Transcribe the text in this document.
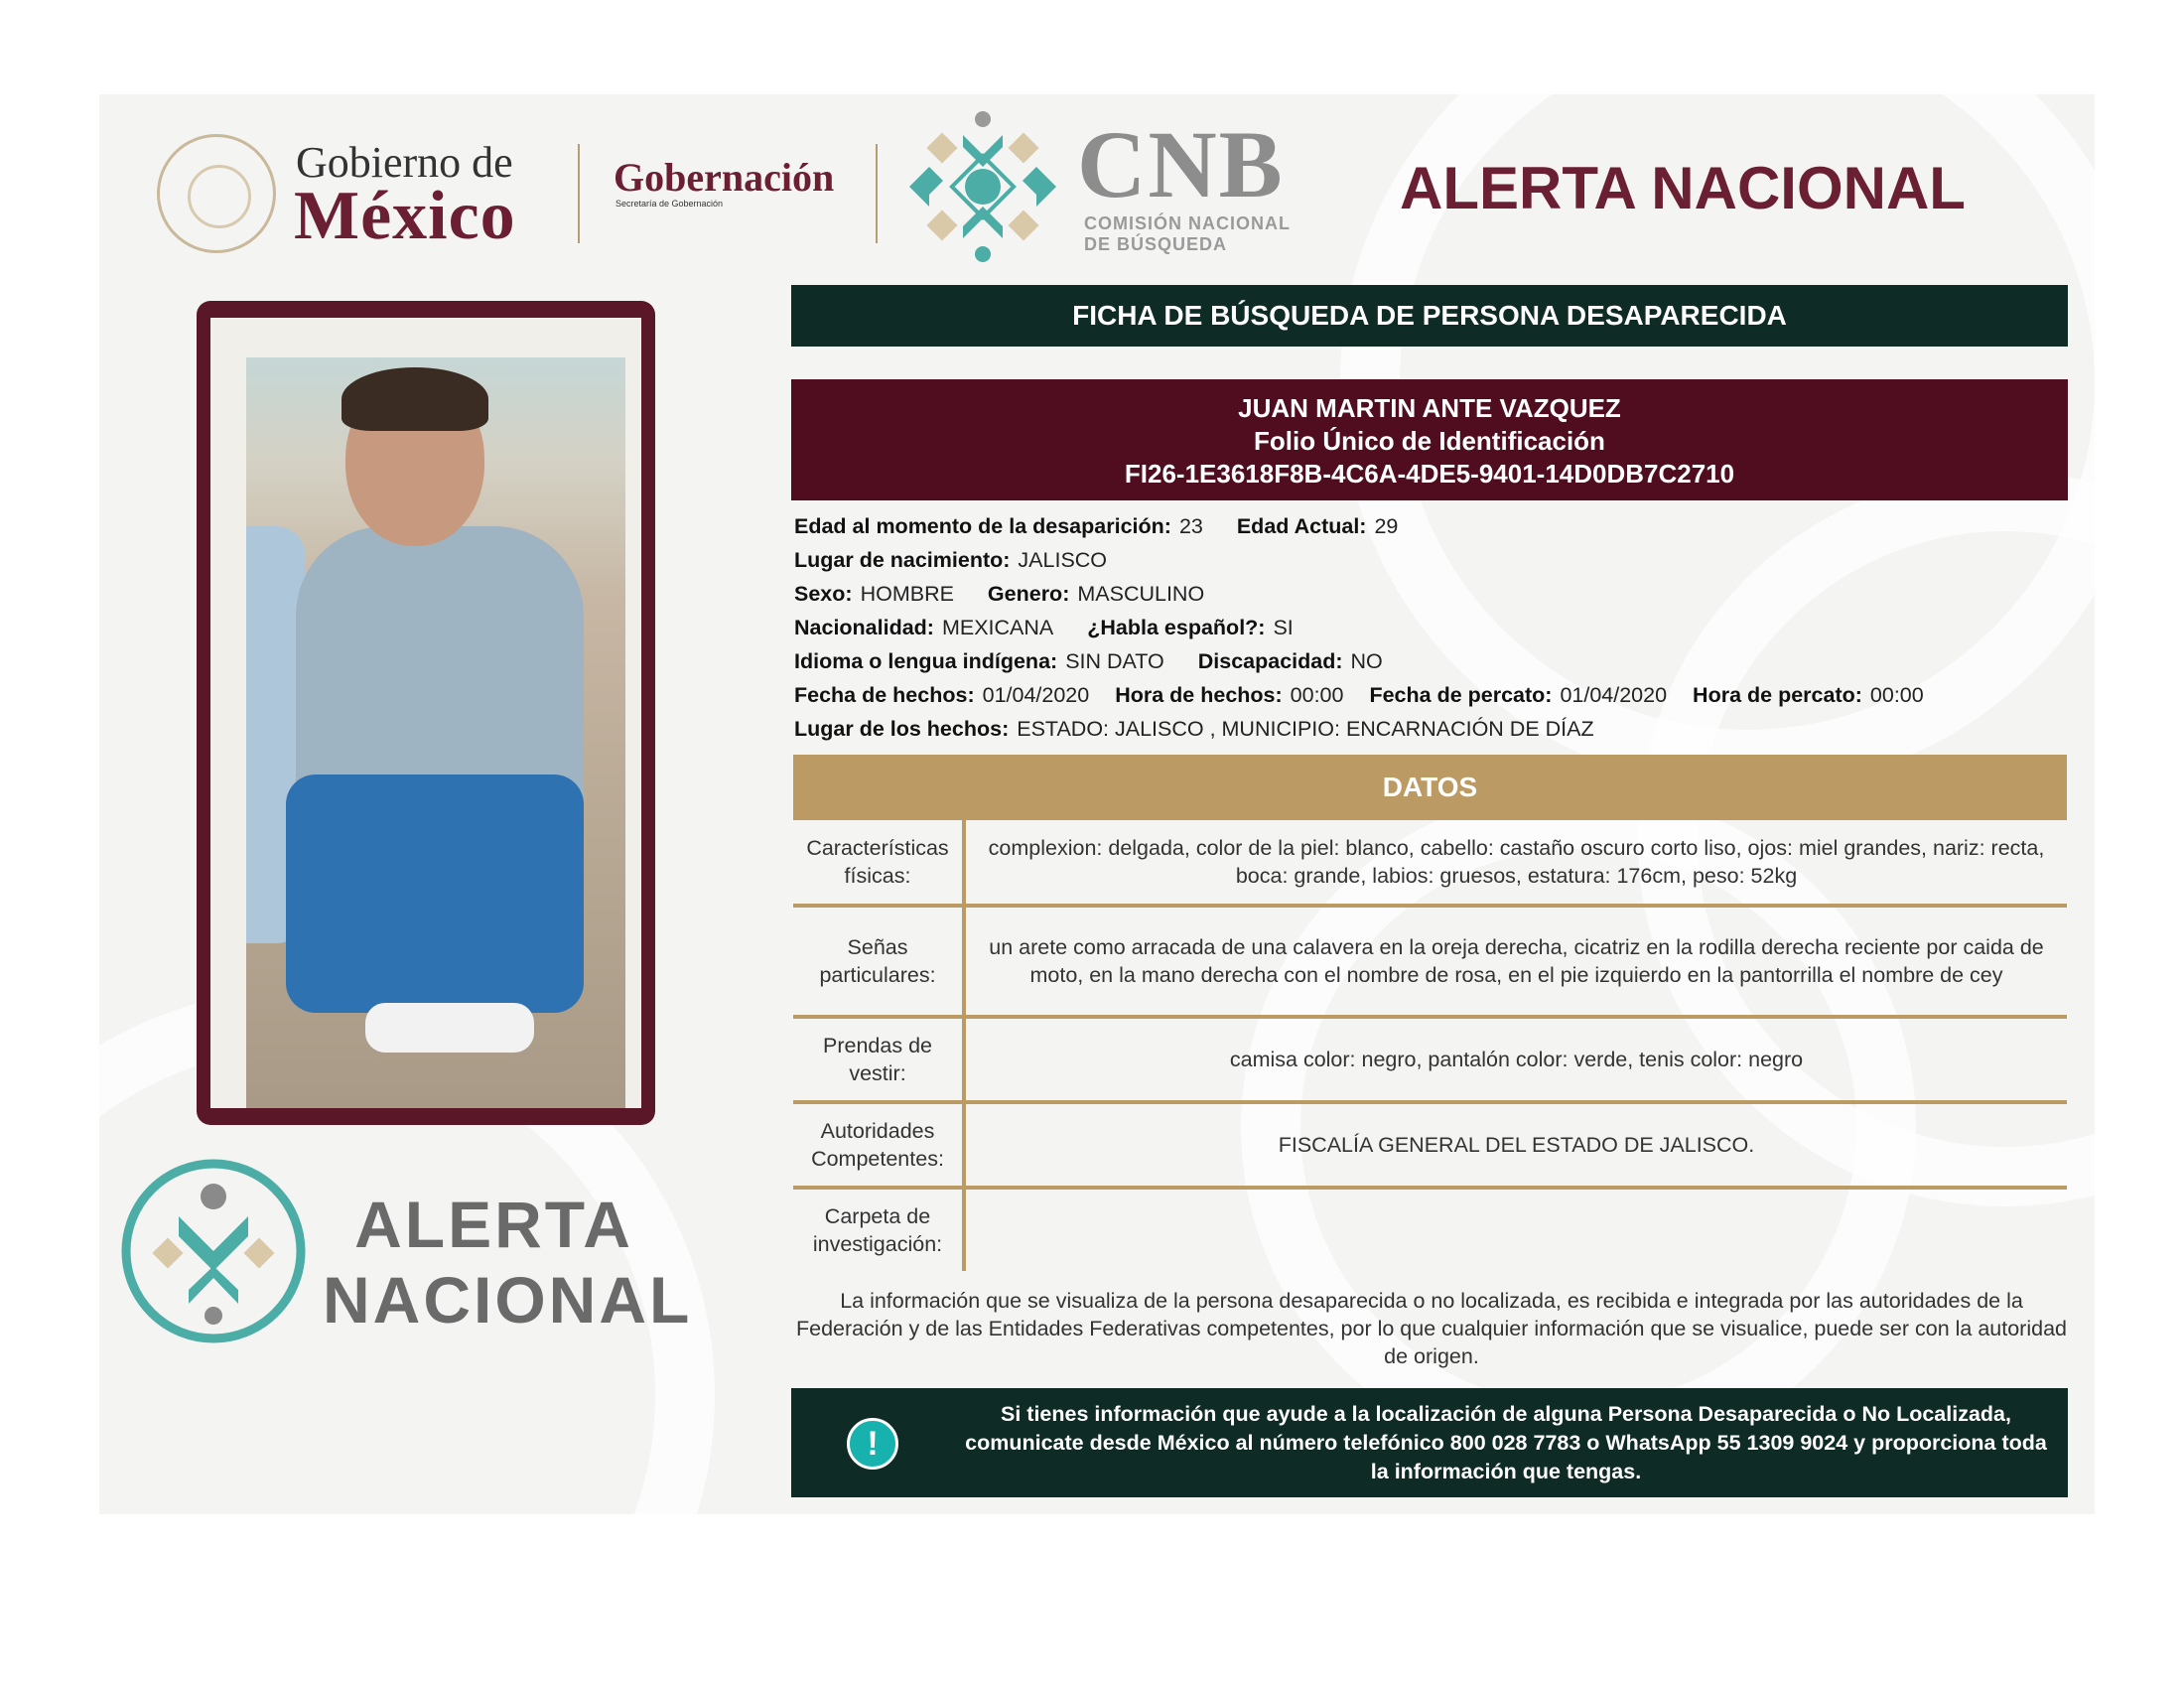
Gobierno de
México
Gobernación
Secretaría de Gobernación	CNB
COMISIÓN NACIONAL
DE BÚSQUEDA
ALERTA NACIONAL
ALERTA
NACIONAL
FICHA DE BÚSQUEDA DE PERSONA DESAPARECIDA
JUAN MARTIN ANTE VAZQUEZ
Folio Único de Identificación
FI26-1E3618F8B-4C6A-4DE5-9401-14D0DB7C2710
Edad al momento de la desaparición: 23 Edad Actual: 29
Lugar de nacimiento: JALISCO
Sexo: HOMBRE Genero: MASCULINO
Nacionalidad: MEXICANA ¿Habla español?: SI
Idioma o lengua indígena: SIN DATO Discapacidad: NO
Fecha de hechos: 01/04/2020 Hora de hechos: 00:00 Fecha de percato: 01/04/2020 Hora de percato: 00:00
Lugar de los hechos: ESTADO: JALISCO , MUNICIPIO: ENCARNACIÓN DE DÍAZ
DATOS
Características físicas:
complexion: delgada, color de la piel: blanco, cabello: castaño oscuro corto liso, ojos: miel grandes, nariz: recta, boca: grande, labios: gruesos, estatura: 176cm, peso: 52kg
Señas particulares:
un arete como arracada de una calavera en la oreja derecha, cicatriz en la rodilla derecha reciente por caida de moto, en la mano derecha con el nombre de rosa, en el pie izquierdo en la pantorrilla el nombre de cey
Prendas de vestir:
camisa color: negro, pantalón color: verde, tenis color: negro
Autoridades Competentes:
FISCALÍA GENERAL DEL ESTADO DE JALISCO.
Carpeta de investigación:
La información que se visualiza de la persona desaparecida o no localizada, es recibida e integrada por las autoridades de la Federación y de las Entidades Federativas competentes, por lo que cualquier información que se visualice, puede ser con la autoridad de origen.
!
Si tienes información que ayude a la localización de alguna Persona Desaparecida o No Localizada, comunicate desde México al número telefónico 800 028 7783 o WhatsApp 55 1309 9024 y proporciona toda la información que tengas.
